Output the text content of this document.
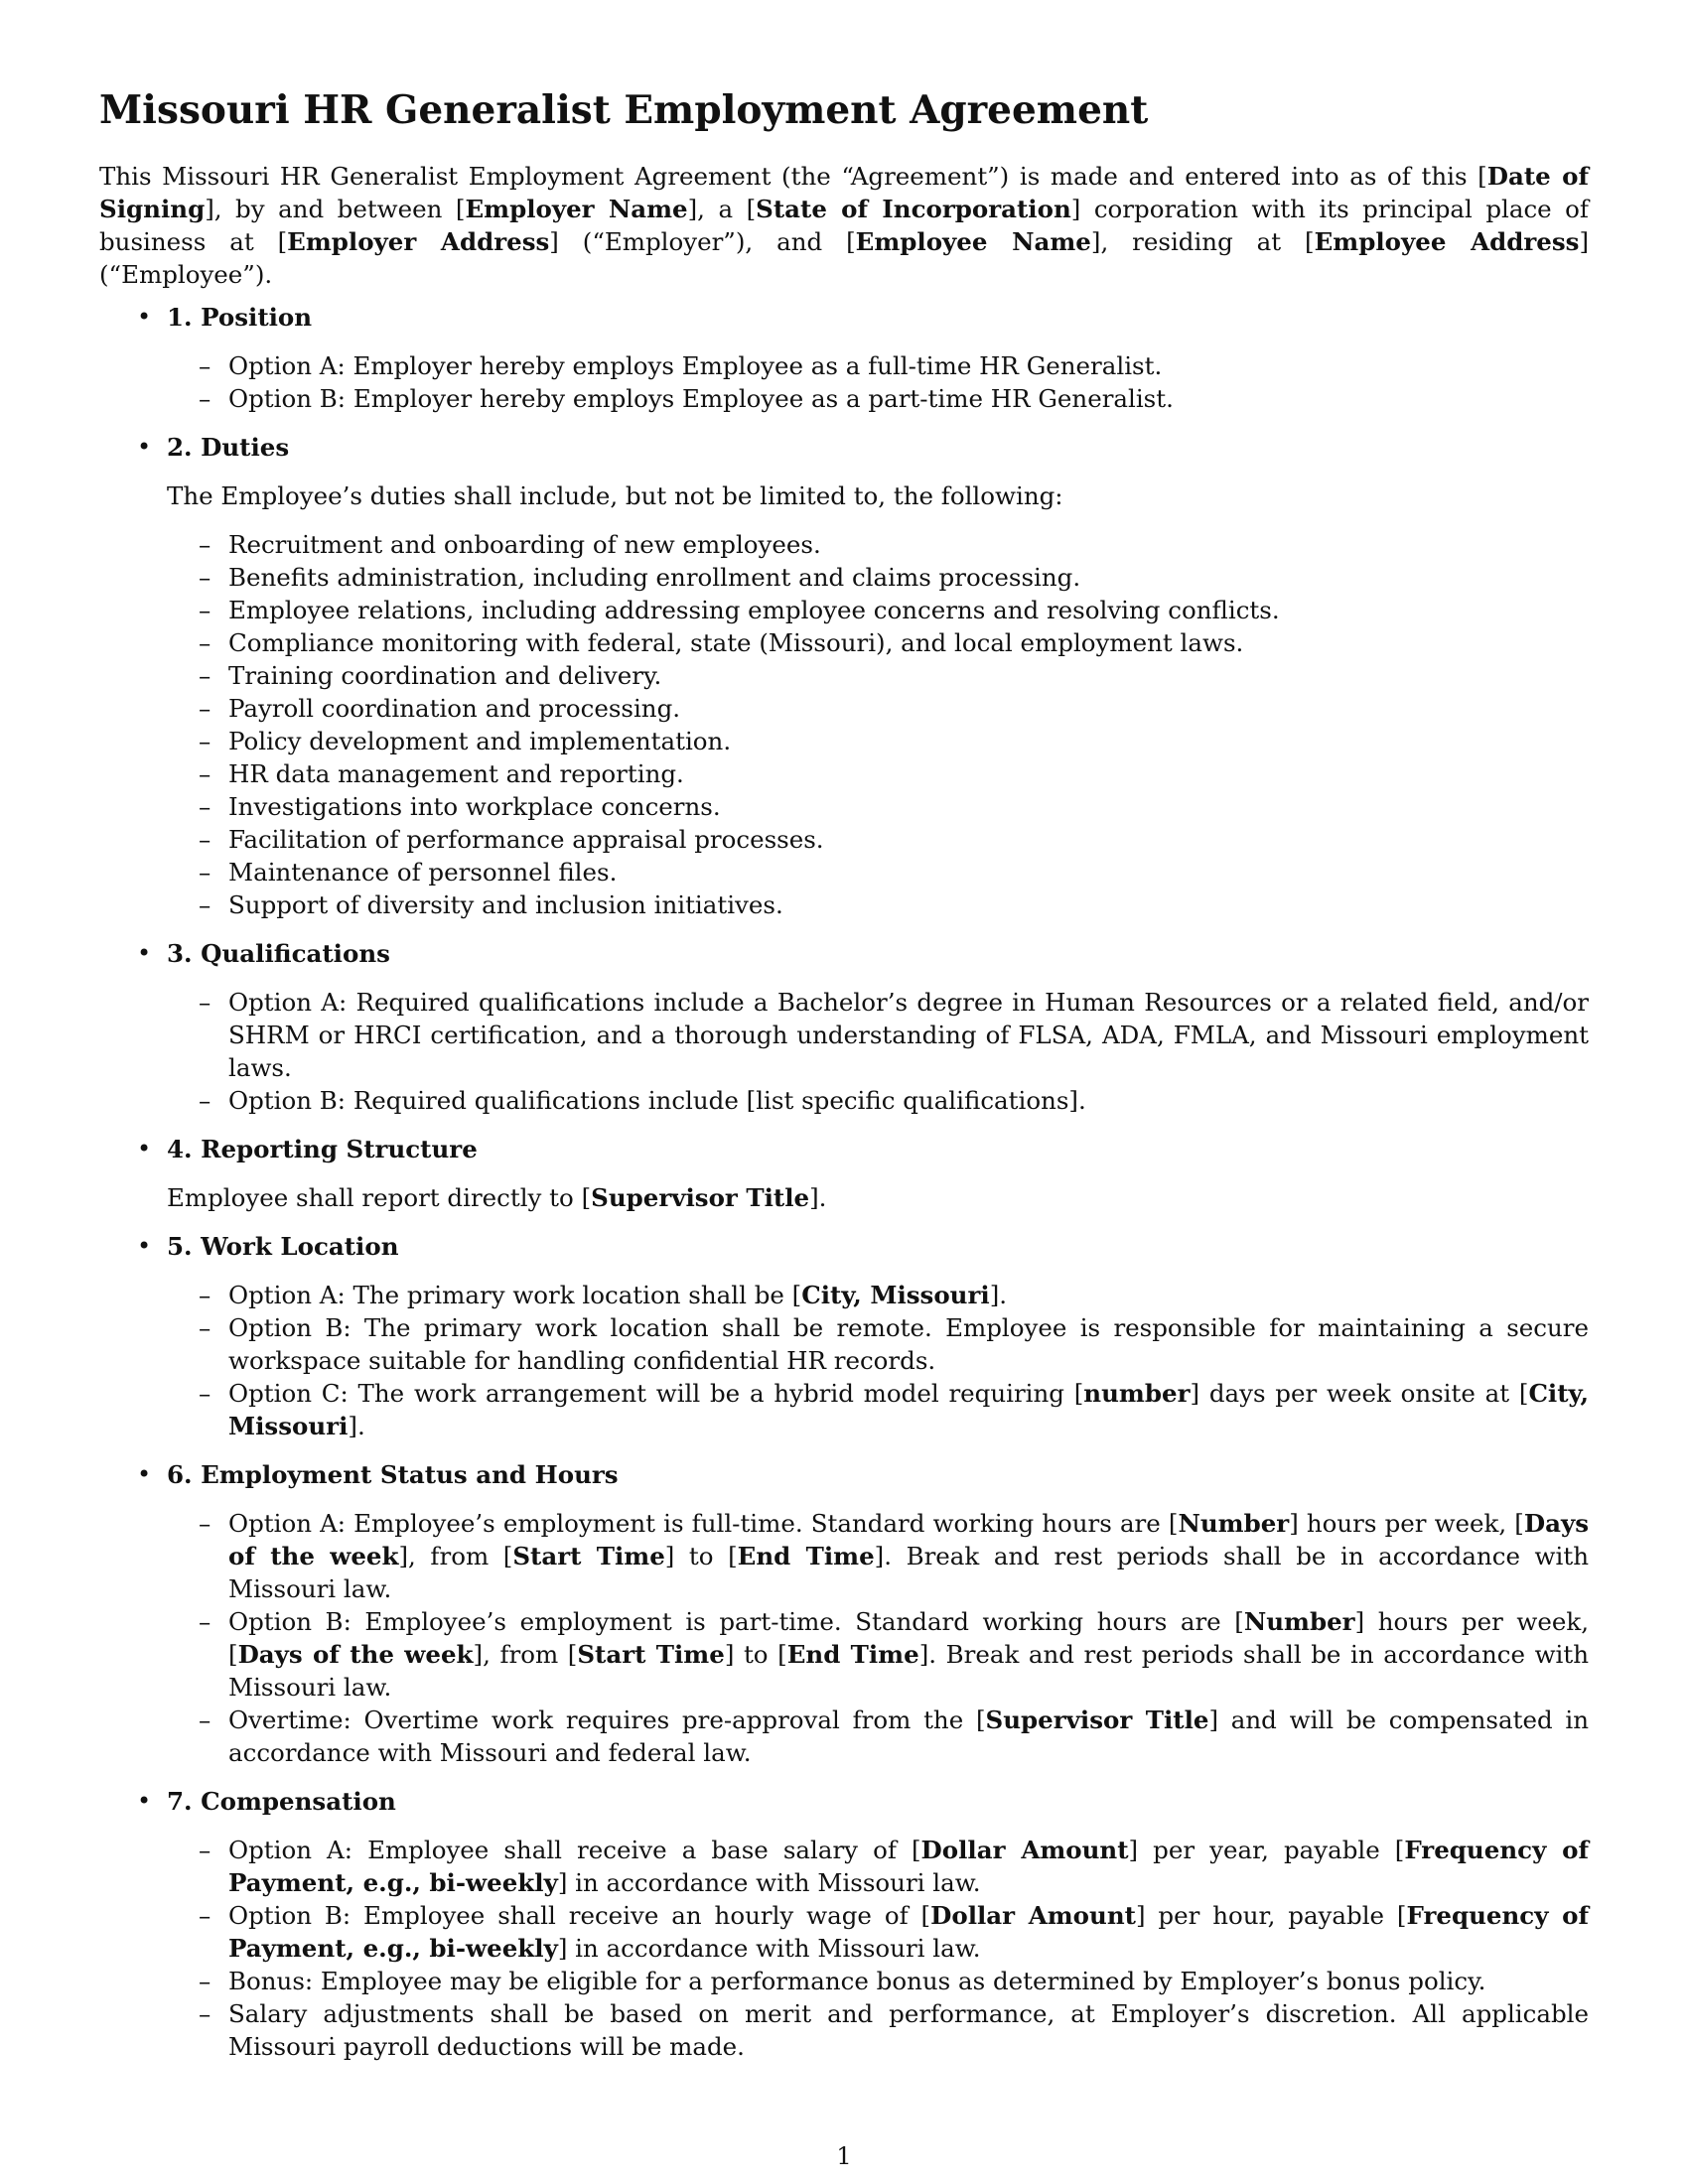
Missouri HR Generalist Employment Agreement

This Missouri HR Generalist Employment Agreement (the “Agreement”) is made and entered into as of this [Date of Signing], by and between [Employer Name], a [State of Incorporation] corporation with its principal place of business at [Employer Address] (“Employer”), and [Employee Name], residing at [Employee Address] (“Employee”).

• 1. Position
– Option A: Employer hereby employs Employee as a full-time HR Generalist.
– Option B: Employer hereby employs Employee as a part-time HR Generalist.
• 2. Duties

The Employee’s duties shall include, but not be limited to, the following:

– Recruitment and onboarding of new employees.
– Benefits administration, including enrollment and claims processing.
– Employee relations, including addressing employee concerns and resolving conflicts.
– Compliance monitoring with federal, state (Missouri), and local employment laws.
– Training coordination and delivery.
– Payroll coordination and processing.
– Policy development and implementation.
– HR data management and reporting.
– Investigations into workplace concerns.
– Facilitation of performance appraisal processes.
– Maintenance of personnel files.
– Support of diversity and inclusion initiatives.
• 3. Qualifications
– Option A: Required qualifications include a Bachelor’s degree in Human Resources or a related field, and/or SHRM or HRCI certification, and a thorough understanding of FLSA, ADA, FMLA, and Missouri employment laws.
– Option B: Required qualifications include [list specific qualifications].
• 4. Reporting Structure

Employee shall report directly to [Supervisor Title].

• 5. Work Location
– Option A: The primary work location shall be [City, Missouri].
– Option B: The primary work location shall be remote. Employee is responsible for maintaining a secure workspace suitable for handling confidential HR records.
– Option C: The work arrangement will be a hybrid model requiring [number] days per week onsite at [City, Missouri].
• 6. Employment Status and Hours
– Option A: Employee’s employment is full-time. Standard working hours are [Number] hours per week, [Days of the week], from [Start Time] to [End Time]. Break and rest periods shall be in accordance with Missouri law.
– Option B: Employee’s employment is part-time. Standard working hours are [Number] hours per week, [Days of the week], from [Start Time] to [End Time]. Break and rest periods shall be in accordance with Missouri law.
– Overtime: Overtime work requires pre-approval from the [Supervisor Title] and will be compensated in accordance with Missouri and federal law.
• 7. Compensation
– Option A: Employee shall receive a base salary of [Dollar Amount] per year, payable [Frequency of Payment, e.g., bi-weekly] in accordance with Missouri law.
– Option B: Employee shall receive an hourly wage of [Dollar Amount] per hour, payable [Frequency of Payment, e.g., bi-weekly] in accordance with Missouri law.
– Bonus: Employee may be eligible for a performance bonus as determined by Employer’s bonus policy.
– Salary adjustments shall be based on merit and performance, at Employer’s discretion. All applicable Missouri payroll deductions will be made.
1
